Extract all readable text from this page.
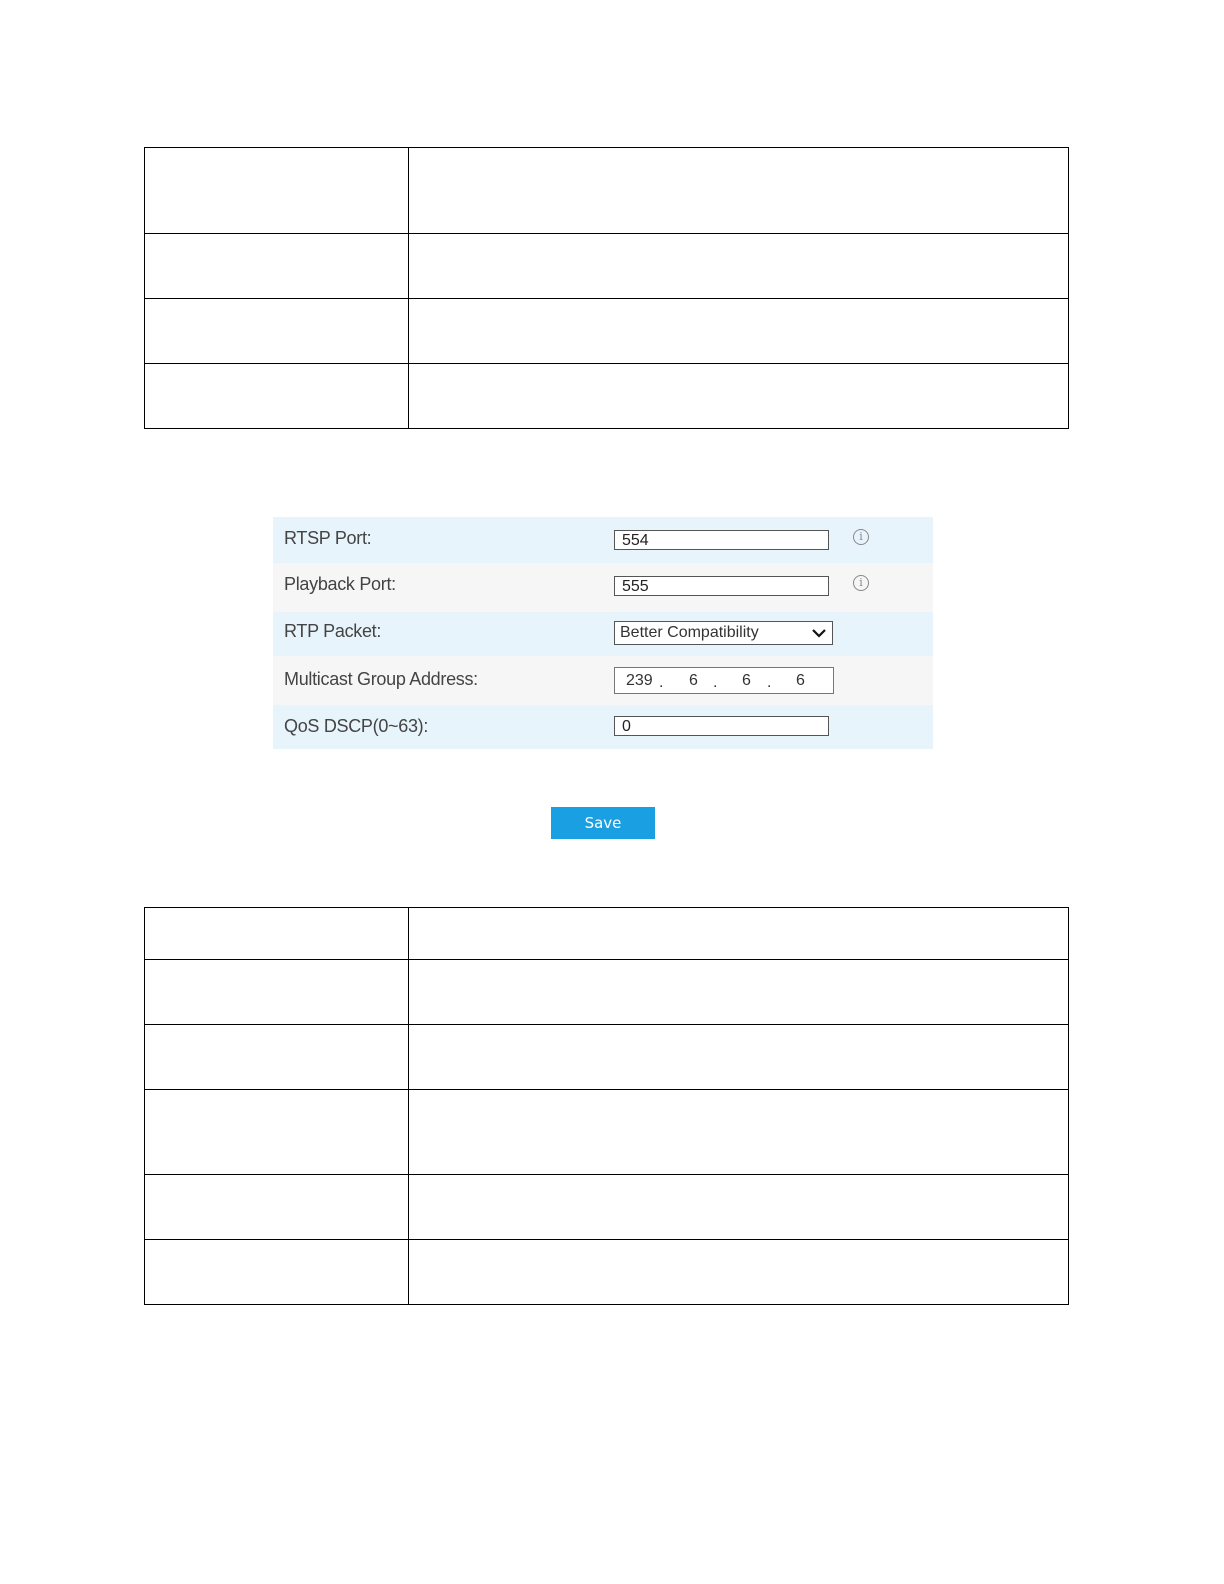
RTSP Port:	554	i
Playback Port:	555	i
RTP Packet:	Better Compatibility
Multicast Group Address:	239 . 6 . 6 . 6
QoS DSCP(0~63):	0
Save
